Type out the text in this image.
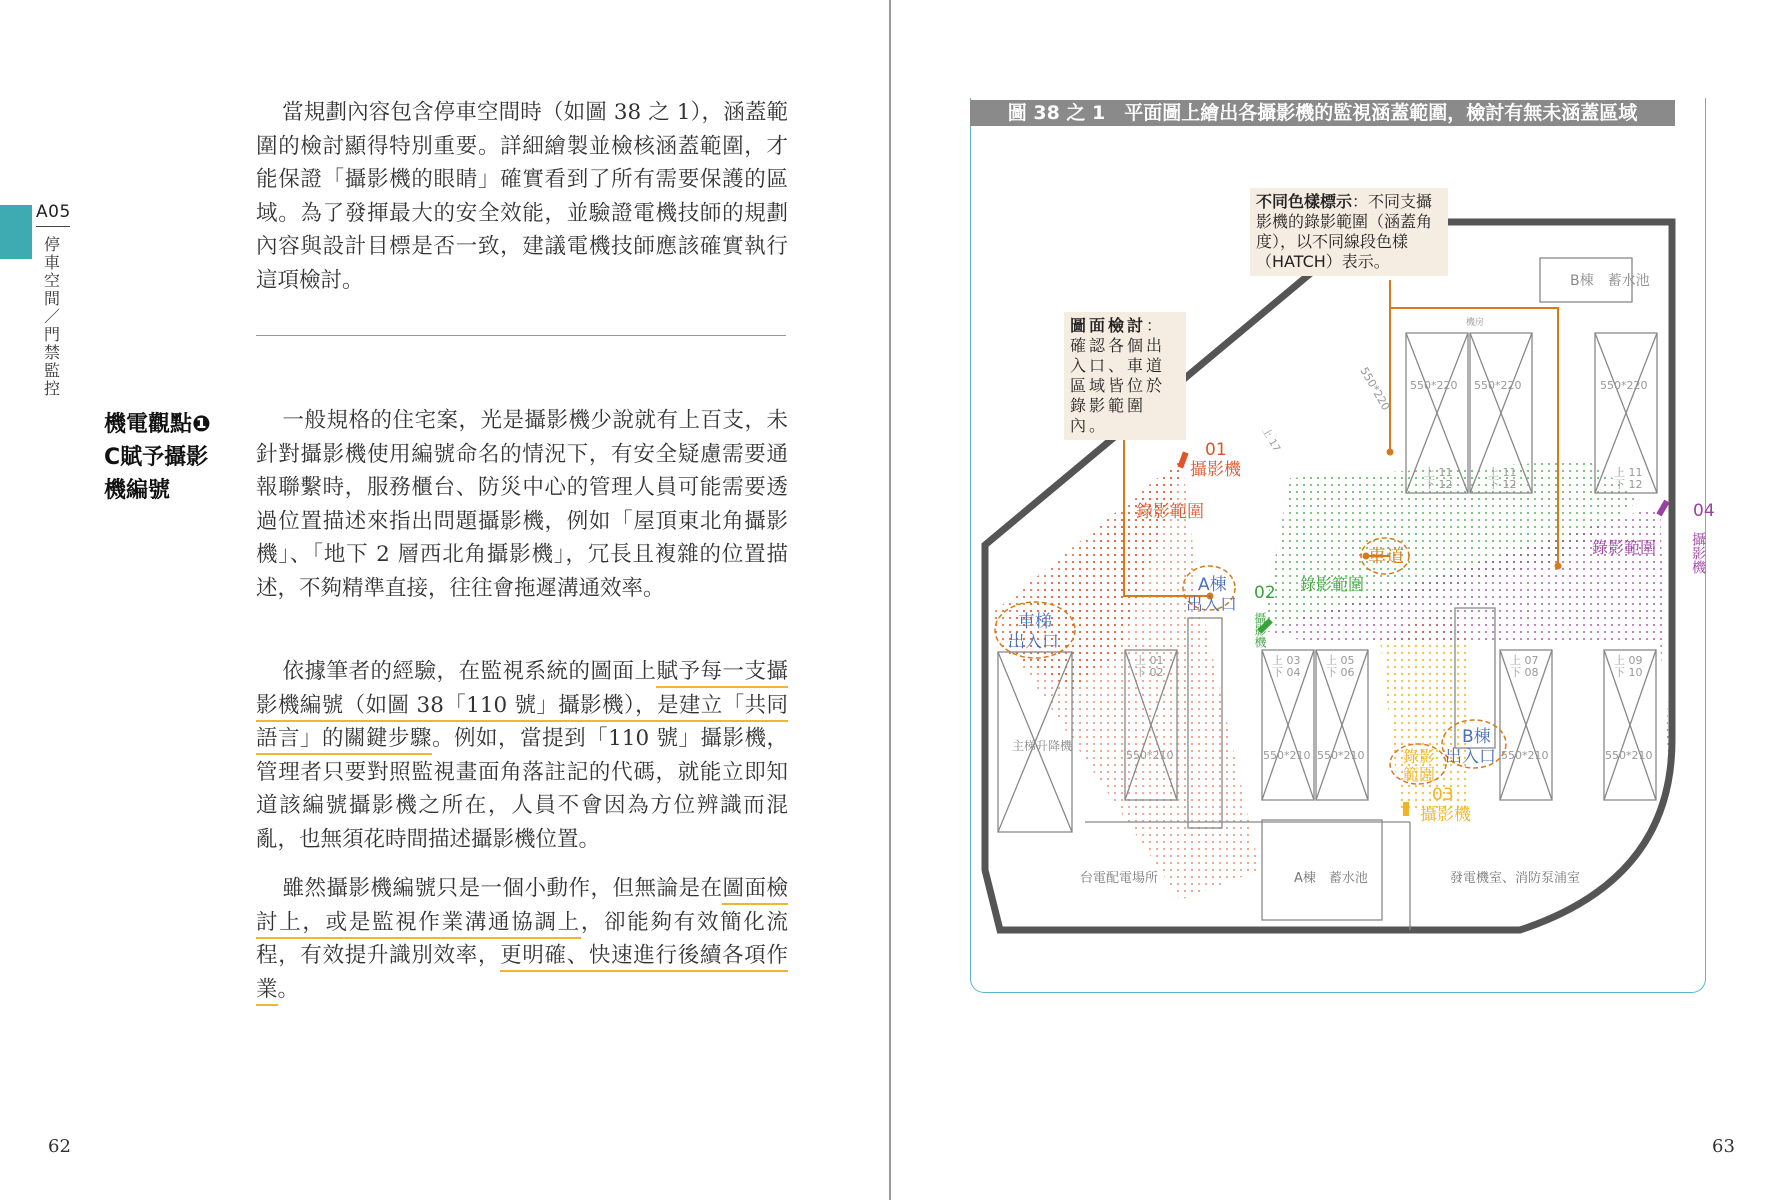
A05
停車空間／門禁監控

當規劃內容包含停車空間時（如圖 38 之 1），涵蓋範圍的檢討顯得特別重要。詳細繪製並檢核涵蓋範圍，才能保證「攝影機的眼睛」確實看到了所有需要保護的區域。為了發揮最大的安全效能，並驗證電機技師的規劃內容與設計目標是否一致，建議電機技師應該確實執行這項檢討。

機電觀點❶ C賦予攝影機編號

一般規格的住宅案，光是攝影機少說就有上百支，未針對攝影機使用編號命名的情況下，有安全疑慮需要通報聯繫時，服務櫃台、防災中心的管理人員可能需要透過位置描述來指出問題攝影機，例如「屋頂東北角攝影機」、「地下 2 層西北角攝影機」，冗長且複雜的位置描述，不夠精準直接，往往會拖遲溝通效率。

依據筆者的經驗，在監視系統的圖面上賦予每一支攝影機編號（如圖 38「110 號」攝影機），是建立「共同語言」的關鍵步驟。例如，當提到「110 號」攝影機，管理者只要對照監視畫面角落註記的代碼，就能立即知道該編號攝影機之所在，人員不會因為方位辨識而混亂，也無須花時間描述攝影機位置。

雖然攝影機編號只是一個小動作，但無論是在圖面檢討上，或是監視作業溝通協調上，卻能夠有效簡化流程，有效提升識別效率，更明確、快速進行後續各項作業。

62
圖 38 之 1　平面圖上繪出各攝影機的監視涵蓋範圍，檢討有無未涵蓋區域
B棟　蓄水池
01
攝影機
錄影範圍
車道	錄影範圍
04
攝影機
錄影範圍
02
攝影機
A棟
出入口
車梯
出入口
主梯升降機	B棟
出入口
錄影
範圍
03
攝影機
台電配電場所	A棟　蓄水池	發電機室、消防泵浦室
550*220 550*220	550*220
550*210	550*210 550*210	550*210	550*210
550*220
上 11
下 12
上 11
下 12
上 11
下 12
上 01
下 02
上 03
下 04
上 05
下 06
上 07
下 08
上 09
下 10
上 17
機房
不同色樣標示：不同支攝影機的錄影範圍（涵蓋角度），以不同線段色樣（HATCH）表示。
圖面檢討：確認各個出入口、車道區域皆位於錄影範圍內。
63
